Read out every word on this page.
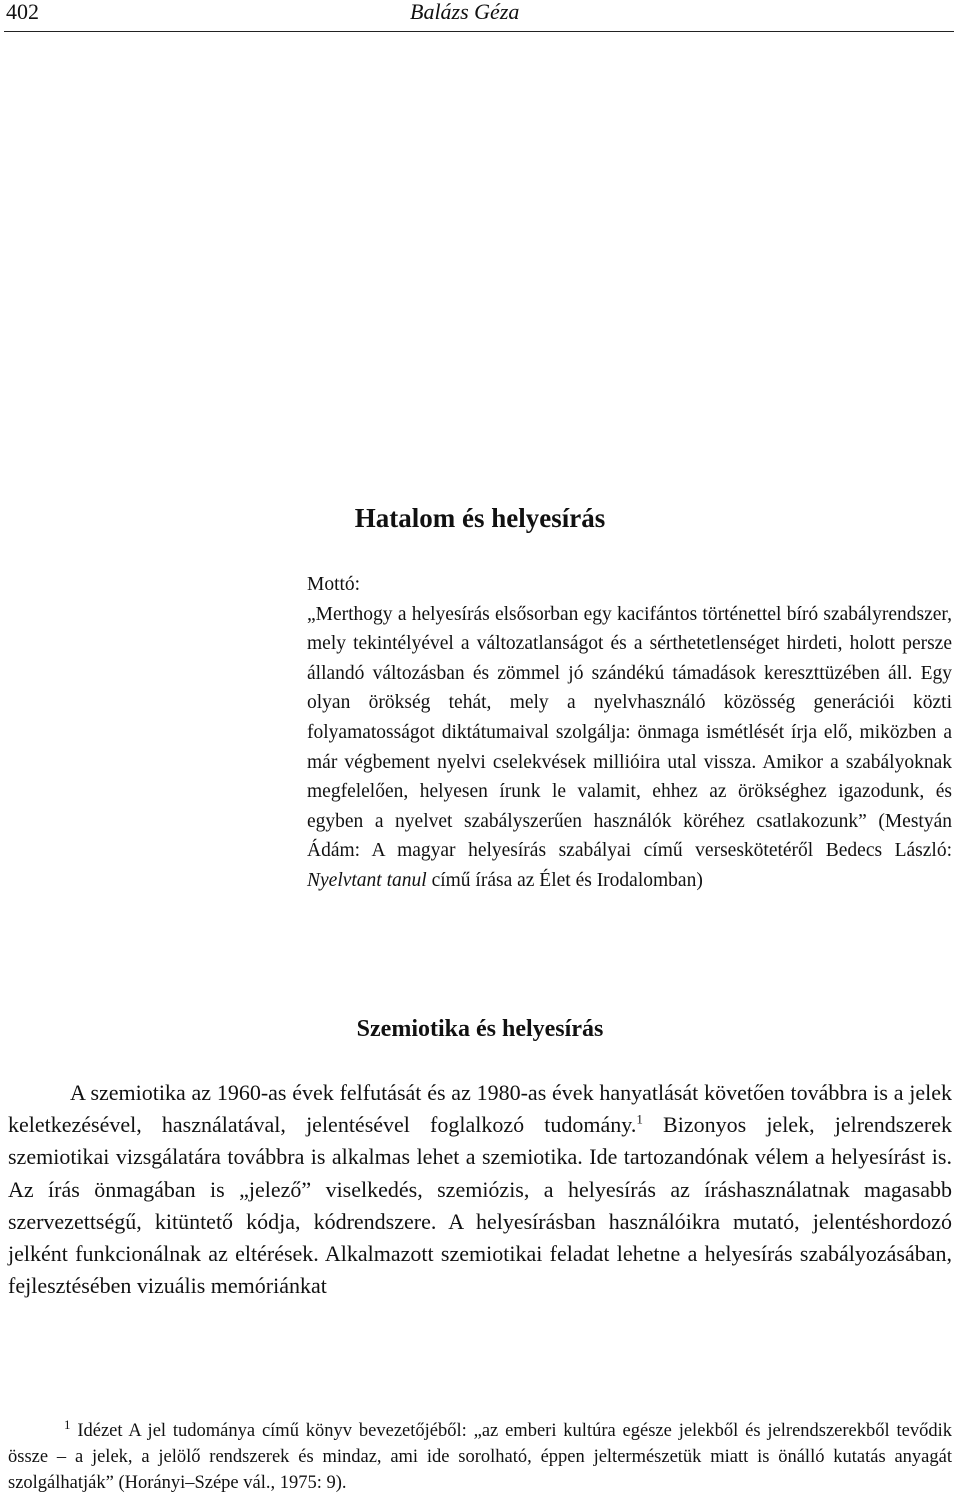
402	Balázs Géza
Hatalom és helyesírás
Mottó:
„Merthogy a helyesírás elsősorban egy kacifántos történettel bíró szabályrendszer, mely tekintélyével a változatlanságot és a sérthetetlenséget hirdeti, holott persze állandó változásban és zömmel jó szándékú támadások kereszttüzében áll. Egy olyan örökség tehát, mely a nyelvhasználó közösség generációi közti folyamatosságot diktátumaival szolgálja: önmaga ismétlését írja elő, miközben a már végbement nyelvi cselekvések millióira utal vissza. Amikor a szabályoknak megfelelően, helyesen írunk le valamit, ehhez az örökséghez igazodunk, és egyben a nyelvet szabályszerűen használók köréhez csatlakozunk” (Mestyán Ádám: A magyar helyesírás szabályai című verseskötetéről Bedecs László: Nyelvtant tanul című írása az Élet és Irodalomban)
Szemiotika és helyesírás

A szemiotika az 1960-as évek felfutását és az 1980-as évek hanyatlását követően továbbra is a jelek keletkezésével, használatával, jelentésével foglalkozó tudomány.$^1$ Bizonyos jelek, jelrendszerek szemiotikai vizsgálatára továbbra is alkalmas lehet a szemiotika. Ide tartozandónak vélem a helyesírást is. Az írás önmagában is „jelező” viselkedés, szemiózis, a helyesírás az íráshasználatnak magasabb szervezettségű, kitüntető kódja, kódrendszere. A helyesírásban használóikra mutató, jelentéshordozó jelként funkcionálnak az eltérések. Alkalmazott szemiotikai feladat lehetne a helyesírás szabályozásában, fejlesztésében vizuális memóriánkat

$^1$ Idézet A jel tudománya című könyv bevezetőjéből: „az emberi kultúra egésze jelekből és jelrendszerekből tevődik össze – a jelek, a jelölő rendszerek és mindaz, ami ide sorolható, éppen jeltermészetük miatt is önálló kutatás anyagát szolgálhatják” (Horányi–Szépe vál., 1975: 9).
